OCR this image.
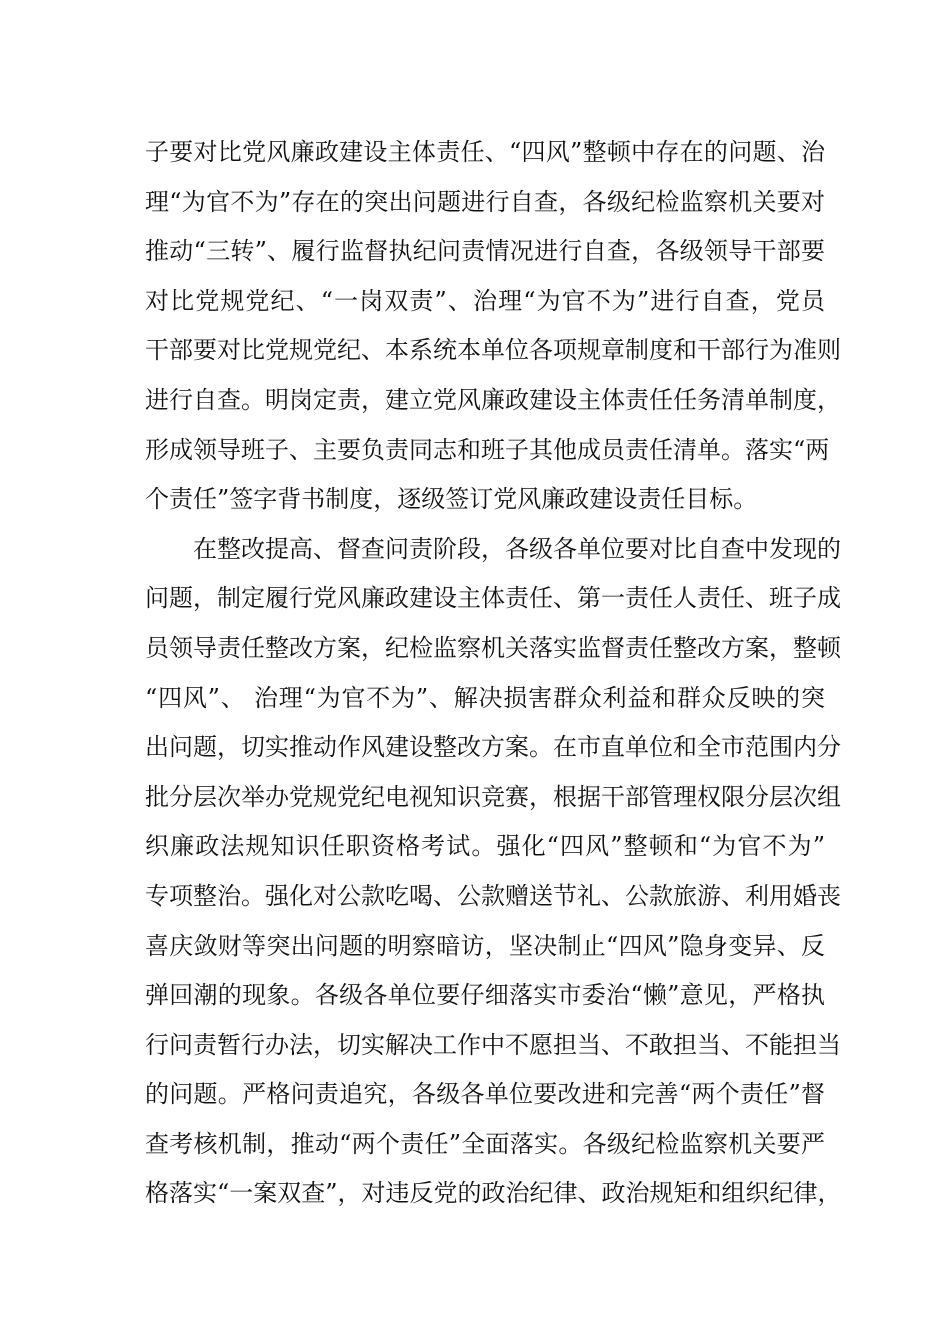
子要对比党风廉政建设主体责任、“四风”整顿中存在的问题、治
理“为官不为”存在的突出问题进行自查，各级纪检监察机关要对
推动“三转”、履行监督执纪问责情况进行自查，各级领导干部要
对比党规党纪、“一岗双责”、治理“为官不为”进行自查，党员
干部要对比党规党纪、本系统本单位各项规章制度和干部行为准则
进行自查。明岗定责，建立党风廉政建设主体责任任务清单制度，
形成领导班子、主要负责同志和班子其他成员责任清单。落实“两
个责任”签字背书制度，逐级签订党风廉政建设责任目标。
在整改提高、督查问责阶段，各级各单位要对比自查中发现的
问题，制定履行党风廉政建设主体责任、第一责任人责任、班子成
员领导责任整改方案，纪检监察机关落实监督责任整改方案，整顿
“四风”、 治理“为官不为”、解决损害群众利益和群众反映的突
出问题，切实推动作风建设整改方案。在市直单位和全市范围内分
批分层次举办党规党纪电视知识竞赛，根据干部管理权限分层次组
织廉政法规知识任职资格考试。强化“四风”整顿和“为官不为”
专项整治。强化对公款吃喝、公款赠送节礼、公款旅游、利用婚丧
喜庆敛财等突出问题的明察暗访，坚决制止“四风”隐身变异、反
弹回潮的现象。各级各单位要仔细落实市委治“懒”意见，严格执
行问责暂行办法，切实解决工作中不愿担当、不敢担当、不能担当
的问题。严格问责追究，各级各单位要改进和完善“两个责任”督
查考核机制，推动“两个责任”全面落实。各级纪检监察机关要严
格落实“一案双查”，对违反党的政治纪律、政治规矩和组织纪律，
